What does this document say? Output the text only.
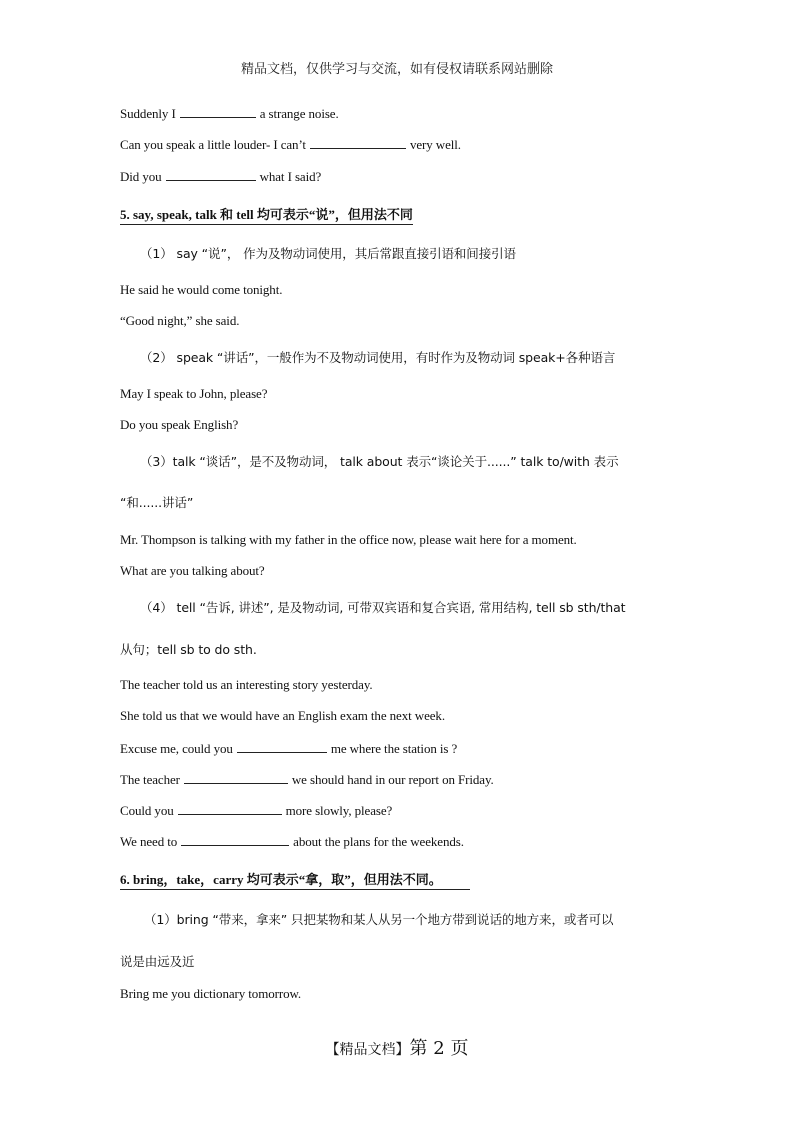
精品文档，仅供学习与交流，如有侵权请联系网站删除
Suddenly I	a strange noise.
Can you speak a little louder- I can’t	very well.
Did you	what I said?
5. say, speak, talk 和 tell 均可表示“说”，但用法不同
（1） say “说”， 作为及物动词使用，其后常跟直接引语和间接引语
He said he would come tonight.
“Good night,” she said.
（2） speak “讲话”，一般作为不及物动词使用，有时作为及物动词 speak+各种语言
May I speak to John, please?
Do you speak English?
（3）talk “谈话”，是不及物动词， talk about 表示“谈论关于......” talk to/with 表示
“和......讲话”
Mr. Thompson is talking with my father in the office now, please wait here for a moment.
What are you talking about?
（4） tell “告诉, 讲述”, 是及物动词, 可带双宾语和复合宾语, 常用结构, tell sb sth/that
从句；tell sb to do sth.
The teacher told us an interesting story yesterday.
She told us that we would have an English exam the next week.
Excuse me, could you	me where the station is ?
The teacher	we should hand in our report on Friday.
Could you	more slowly, please?
We need to	about the plans for the weekends.
6. bring，take，carry 均可表示“拿，取”，但用法不同。
（1）bring “带来，拿来” 只把某物和某人从另一个地方带到说话的地方来，或者可以
说是由远及近
Bring me you dictionary tomorrow.
【精品文档】第 2 页
